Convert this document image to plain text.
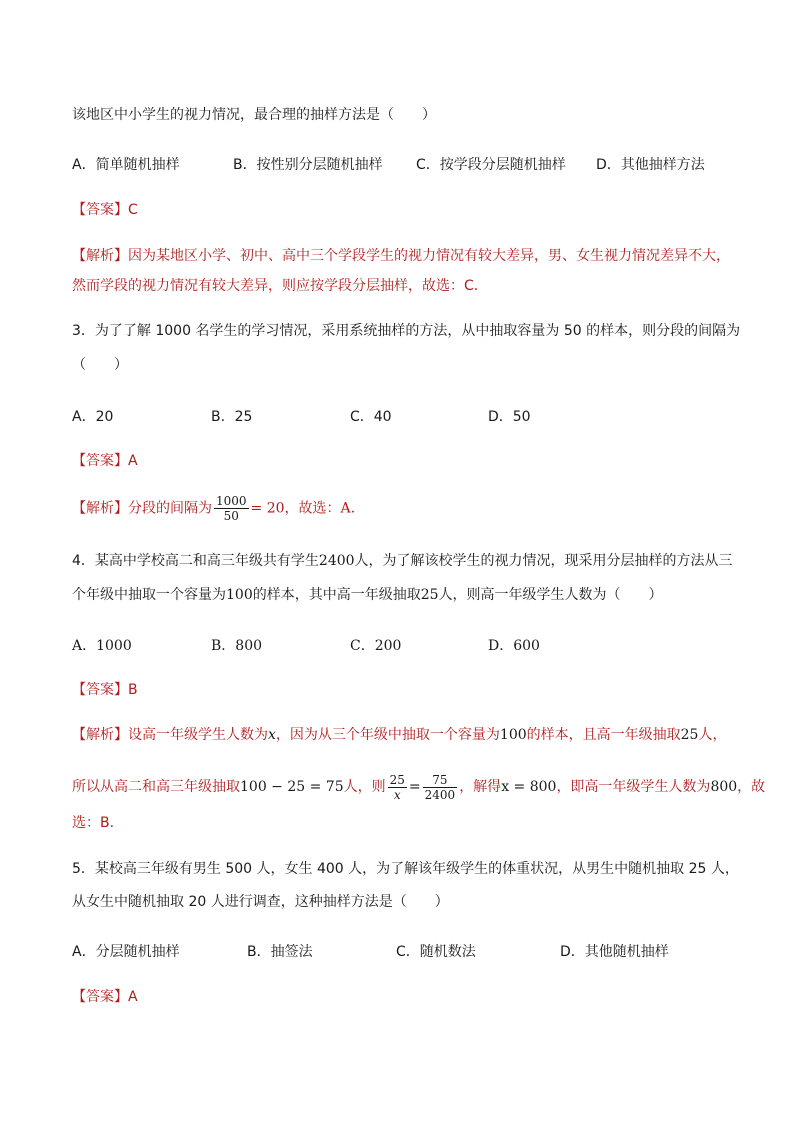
该地区中小学生的视力情况，最合理的抽样方法是（　　）
A．简单随机抽样	B．按性别分层随机抽样 C．按学段分层随机抽样 D．其他抽样方法
【答案】C
【解析】因为某地区小学、初中、高中三个学段学生的视力情况有较大差异，男、女生视力情况差异不大，
然而学段的视力情况有较大差异，则应按学段分层抽样，故选：C．
3．为了了解 1000 名学生的学习情况，采用系统抽样的方法，从中抽取容量为 50 的样本，则分段的间隔为
（　　）
A．20	B．25	C．40	D．50
【答案】A
【解析】分段的间隔为 $\frac{1000}{50} = 20$，故选：A.
4．某高中学校高二和高三年级共有学生2400人，为了解该校学生的视力情况，现采用分层抽样的方法从三
个年级中抽取一个容量为100的样本，其中高一年级抽取25人，则高一年级学生人数为（　　）
A．1000	B．800	C．200	D．600
【答案】B
【解析】设高一年级学生人数为x，因为从三个年级中抽取一个容量为100的样本，且高一年级抽取25人，
所以从高二和高三年级抽取100 − 25 = 75人，则 $\frac{25}{x} = \frac{75}{2400}$ ，解得x = 800，即高一年级学生人数为800，故
选：B.
5．某校高三年级有男生 500 人，女生 400 人，为了解该年级学生的体重状况，从男生中随机抽取 25 人，
从女生中随机抽取 20 人进行调查，这种抽样方法是（　　）
A．分层随机抽样	B．抽签法	C．随机数法	D．其他随机抽样
【答案】A
